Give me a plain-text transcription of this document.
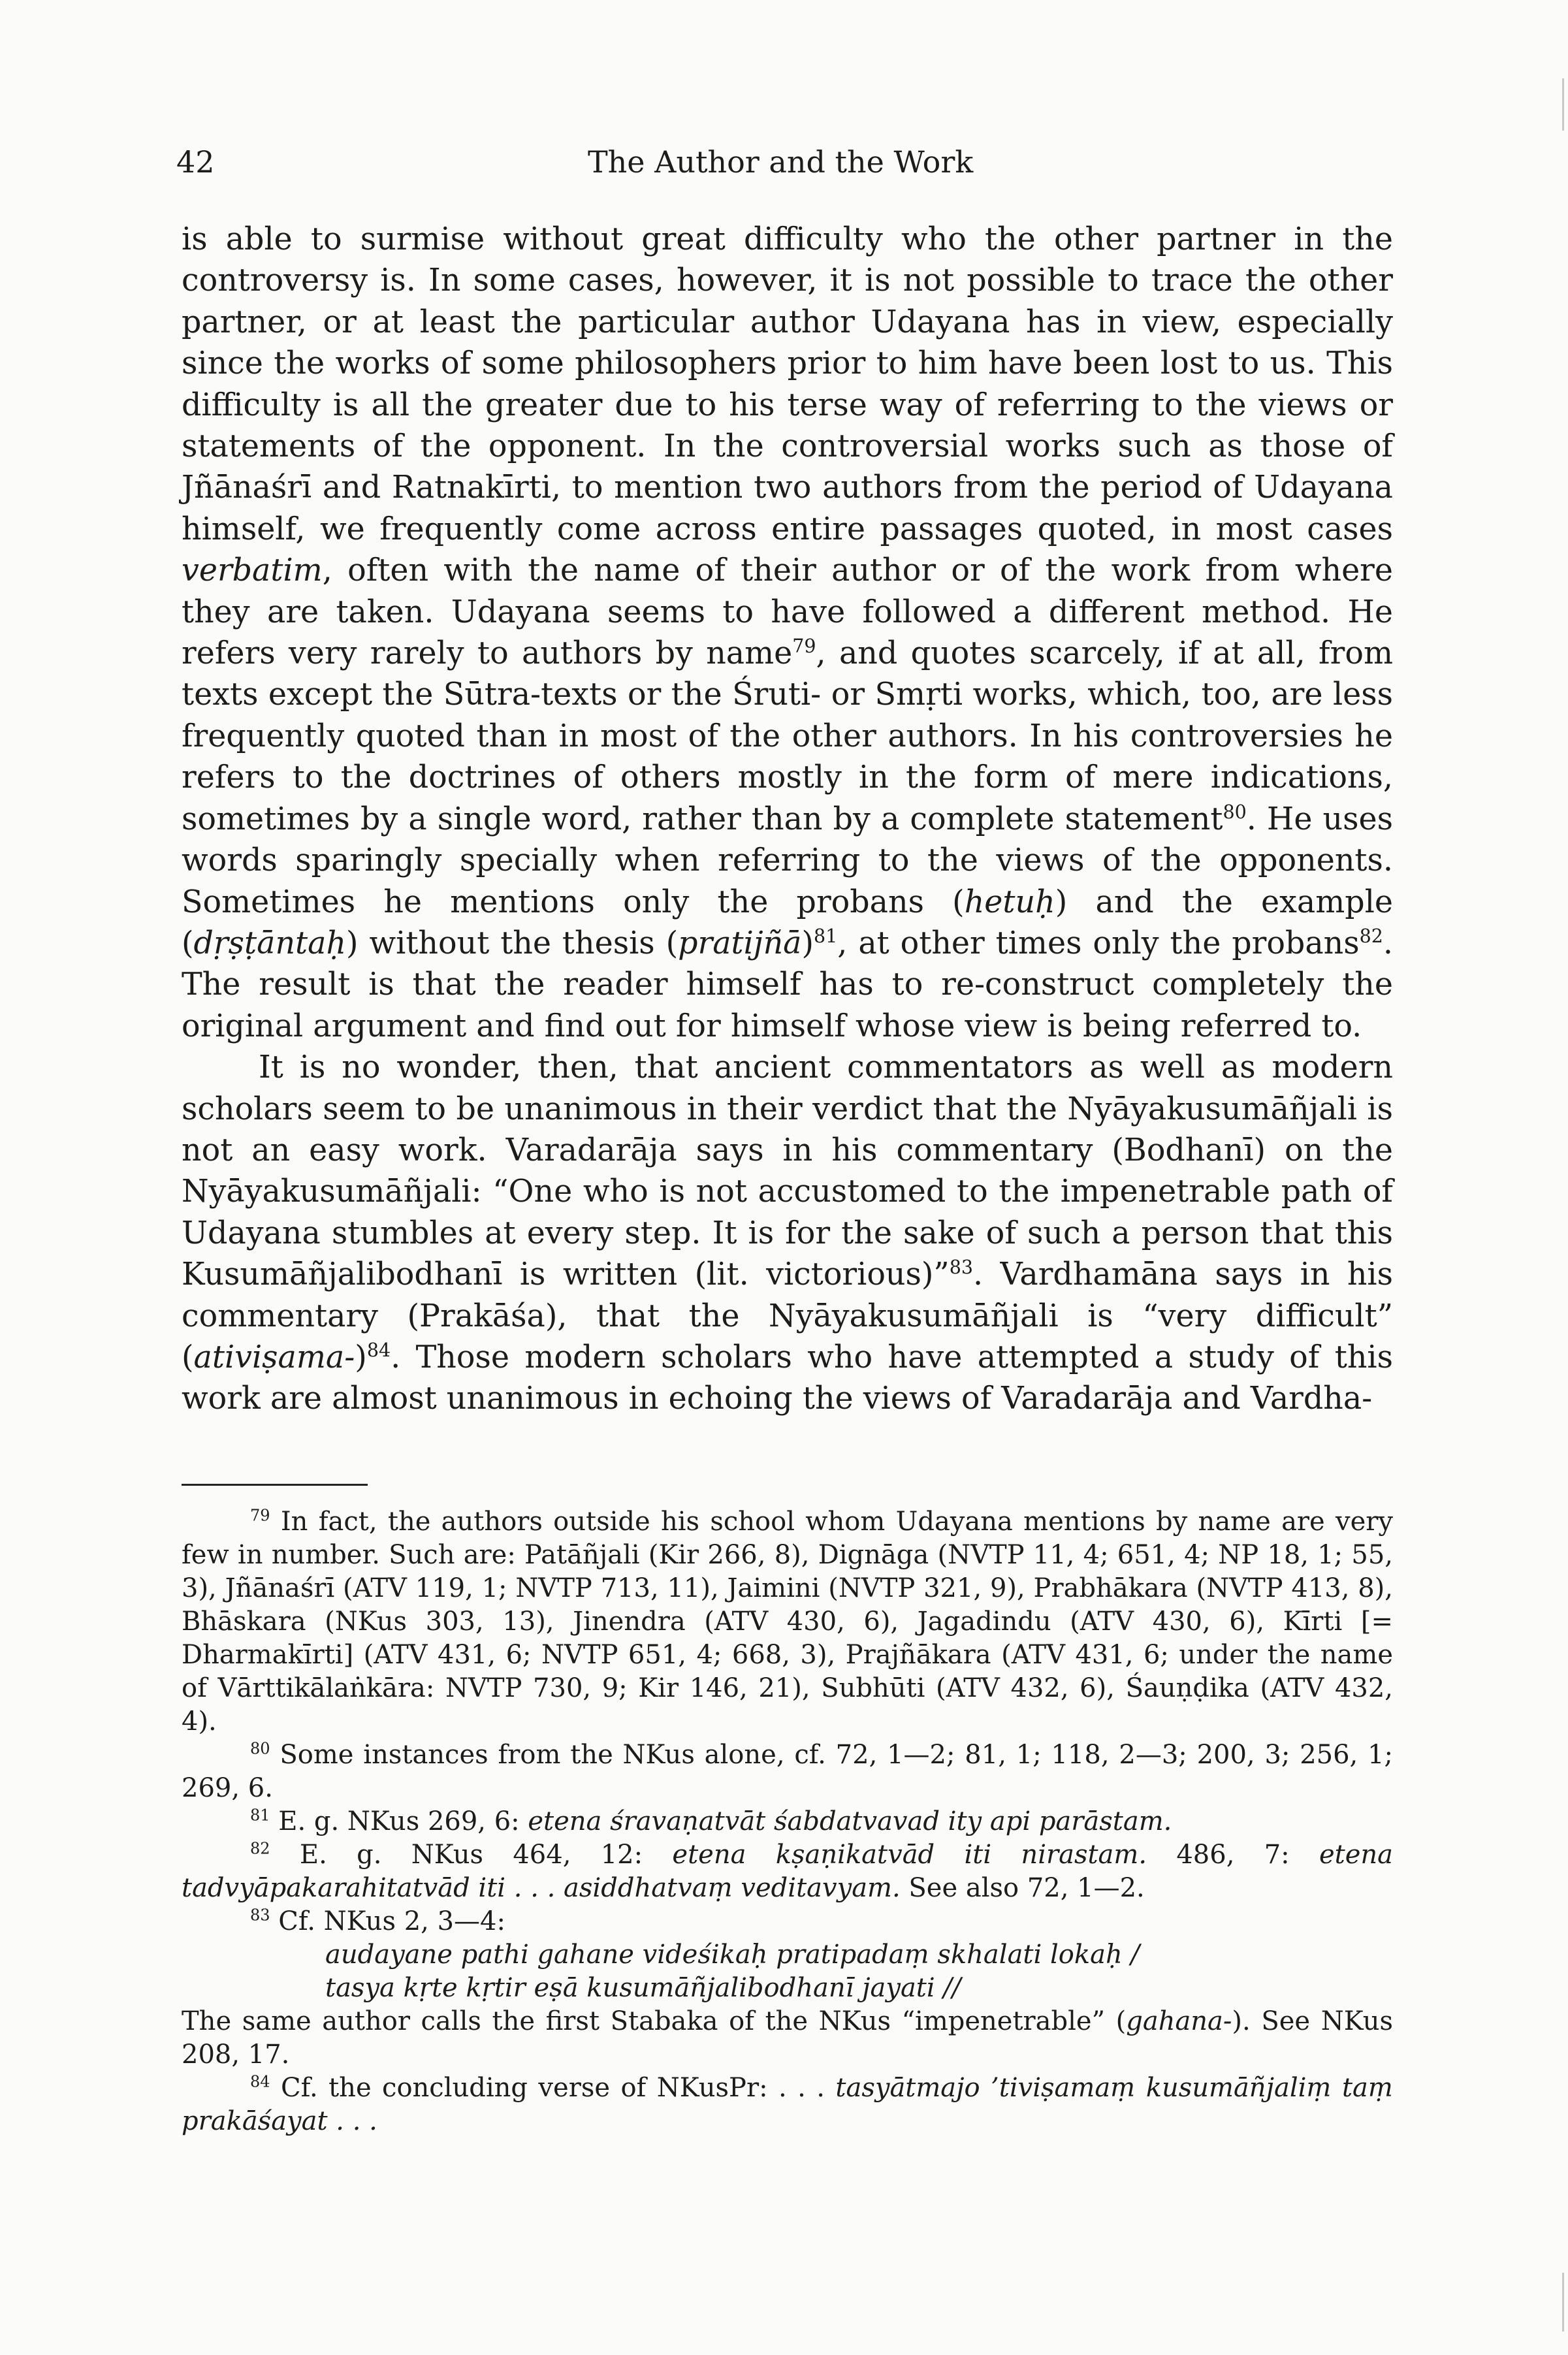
42	The Author and the Work

is able to surmise without great difficulty who the other partner in the controversy is. In some cases, however, it is not possible to trace the other partner, or at least the particular author Udayana has in view, especially since the works of some philosophers prior to him have been lost to us. This difficulty is all the greater due to his terse way of referring to the views or statements of the opponent. In the controversial works such as those of Jñānaśrī and Ratnakīrti, to mention two authors from the period of Udayana himself, we frequently come across entire passages quoted, in most cases verbatim, often with the name of their author or of the work from where they are taken. Udayana seems to have followed a different method. He refers very rarely to authors by name$^{79}$, and quotes scarcely, if at all, from texts except the Sūtra-texts or the Śruti- or Smṛti works, which, too, are less frequently quoted than in most of the other authors. In his controversies he refers to the doctrines of others mostly in the form of mere indications, sometimes by a single word, rather than by a complete statement$^{80}$. He uses words sparingly specially when referring to the views of the opponents. Sometimes he mentions only the probans (hetuḥ) and the example (dṛṣṭāntaḥ) without the thesis (pratijñā)$^{81}$, at other times only the probans$^{82}$. The result is that the reader himself has to re-construct completely the original argument and find out for himself whose view is being referred to.

It is no wonder, then, that ancient commentators as well as modern scholars seem to be unanimous in their verdict that the Nyāyakusumāñjali is not an easy work. Varadarāja says in his commentary (Bodhanī) on the Nyāyakusumāñjali: “One who is not accustomed to the impenetrable path of Udayana stumbles at every step. It is for the sake of such a person that this Kusumāñjalibodhanī is written (lit. victorious)”$^{83}$. Vardhamāna says in his commentary (Prakāśa), that the Nyāyakusumāñjali is “very difficult” (ativiṣama-)$^{84}$. Those modern scholars who have attempted a study of this work are almost unanimous in echoing the views of Varadarāja and Vardha-

$^{79}$ In fact, the authors outside his school whom Udayana mentions by name are very few in number. Such are: Patāñjali (Kir 266, 8), Dignāga (NVTP 11, 4; 651, 4; NP 18, 1; 55, 3), Jñānaśrī (ATV 119, 1; NVTP 713, 11), Jaimini (NVTP 321, 9), Prabhākara (NVTP 413, 8), Bhāskara (NKus 303, 13), Jinendra (ATV 430, 6), Jagadindu (ATV 430, 6), Kīrti [= Dharmakīrti] (ATV 431, 6; NVTP 651, 4; 668, 3), Prajñākara (ATV 431, 6; under the name of Vārttikālaṅkāra: NVTP 730, 9; Kir 146, 21), Subhūti (ATV 432, 6), Śauṇḍika (ATV 432, 4).

$^{80}$ Some instances from the NKus alone, cf. 72, 1—2; 81, 1; 118, 2—3; 200, 3; 256, 1; 269, 6.

$^{81}$ E. g. NKus 269, 6: etena śravaṇatvāt śabdatvavad ity api parāstam.

$^{82}$ E. g. NKus 464, 12: etena kṣaṇikatvād iti nirastam. 486, 7: etena tadvyāpakarahitatvād iti . . . asiddhatvaṃ veditavyam. See also 72, 1—2.

$^{83}$ Cf. NKus 2, 3—4:

audayane pathi gahane videśikaḥ pratipadaṃ skhalati lokaḥ /

tasya kṛte kṛtir eṣā kusumāñjalibodhanī jayati //

The same author calls the first Stabaka of the NKus “impenetrable” (gahana-). See NKus 208, 17.

$^{84}$ Cf. the concluding verse of NKusPr: . . . tasyātmajo ’tiviṣamaṃ kusumāñjaliṃ taṃ prakāśayat . . .
